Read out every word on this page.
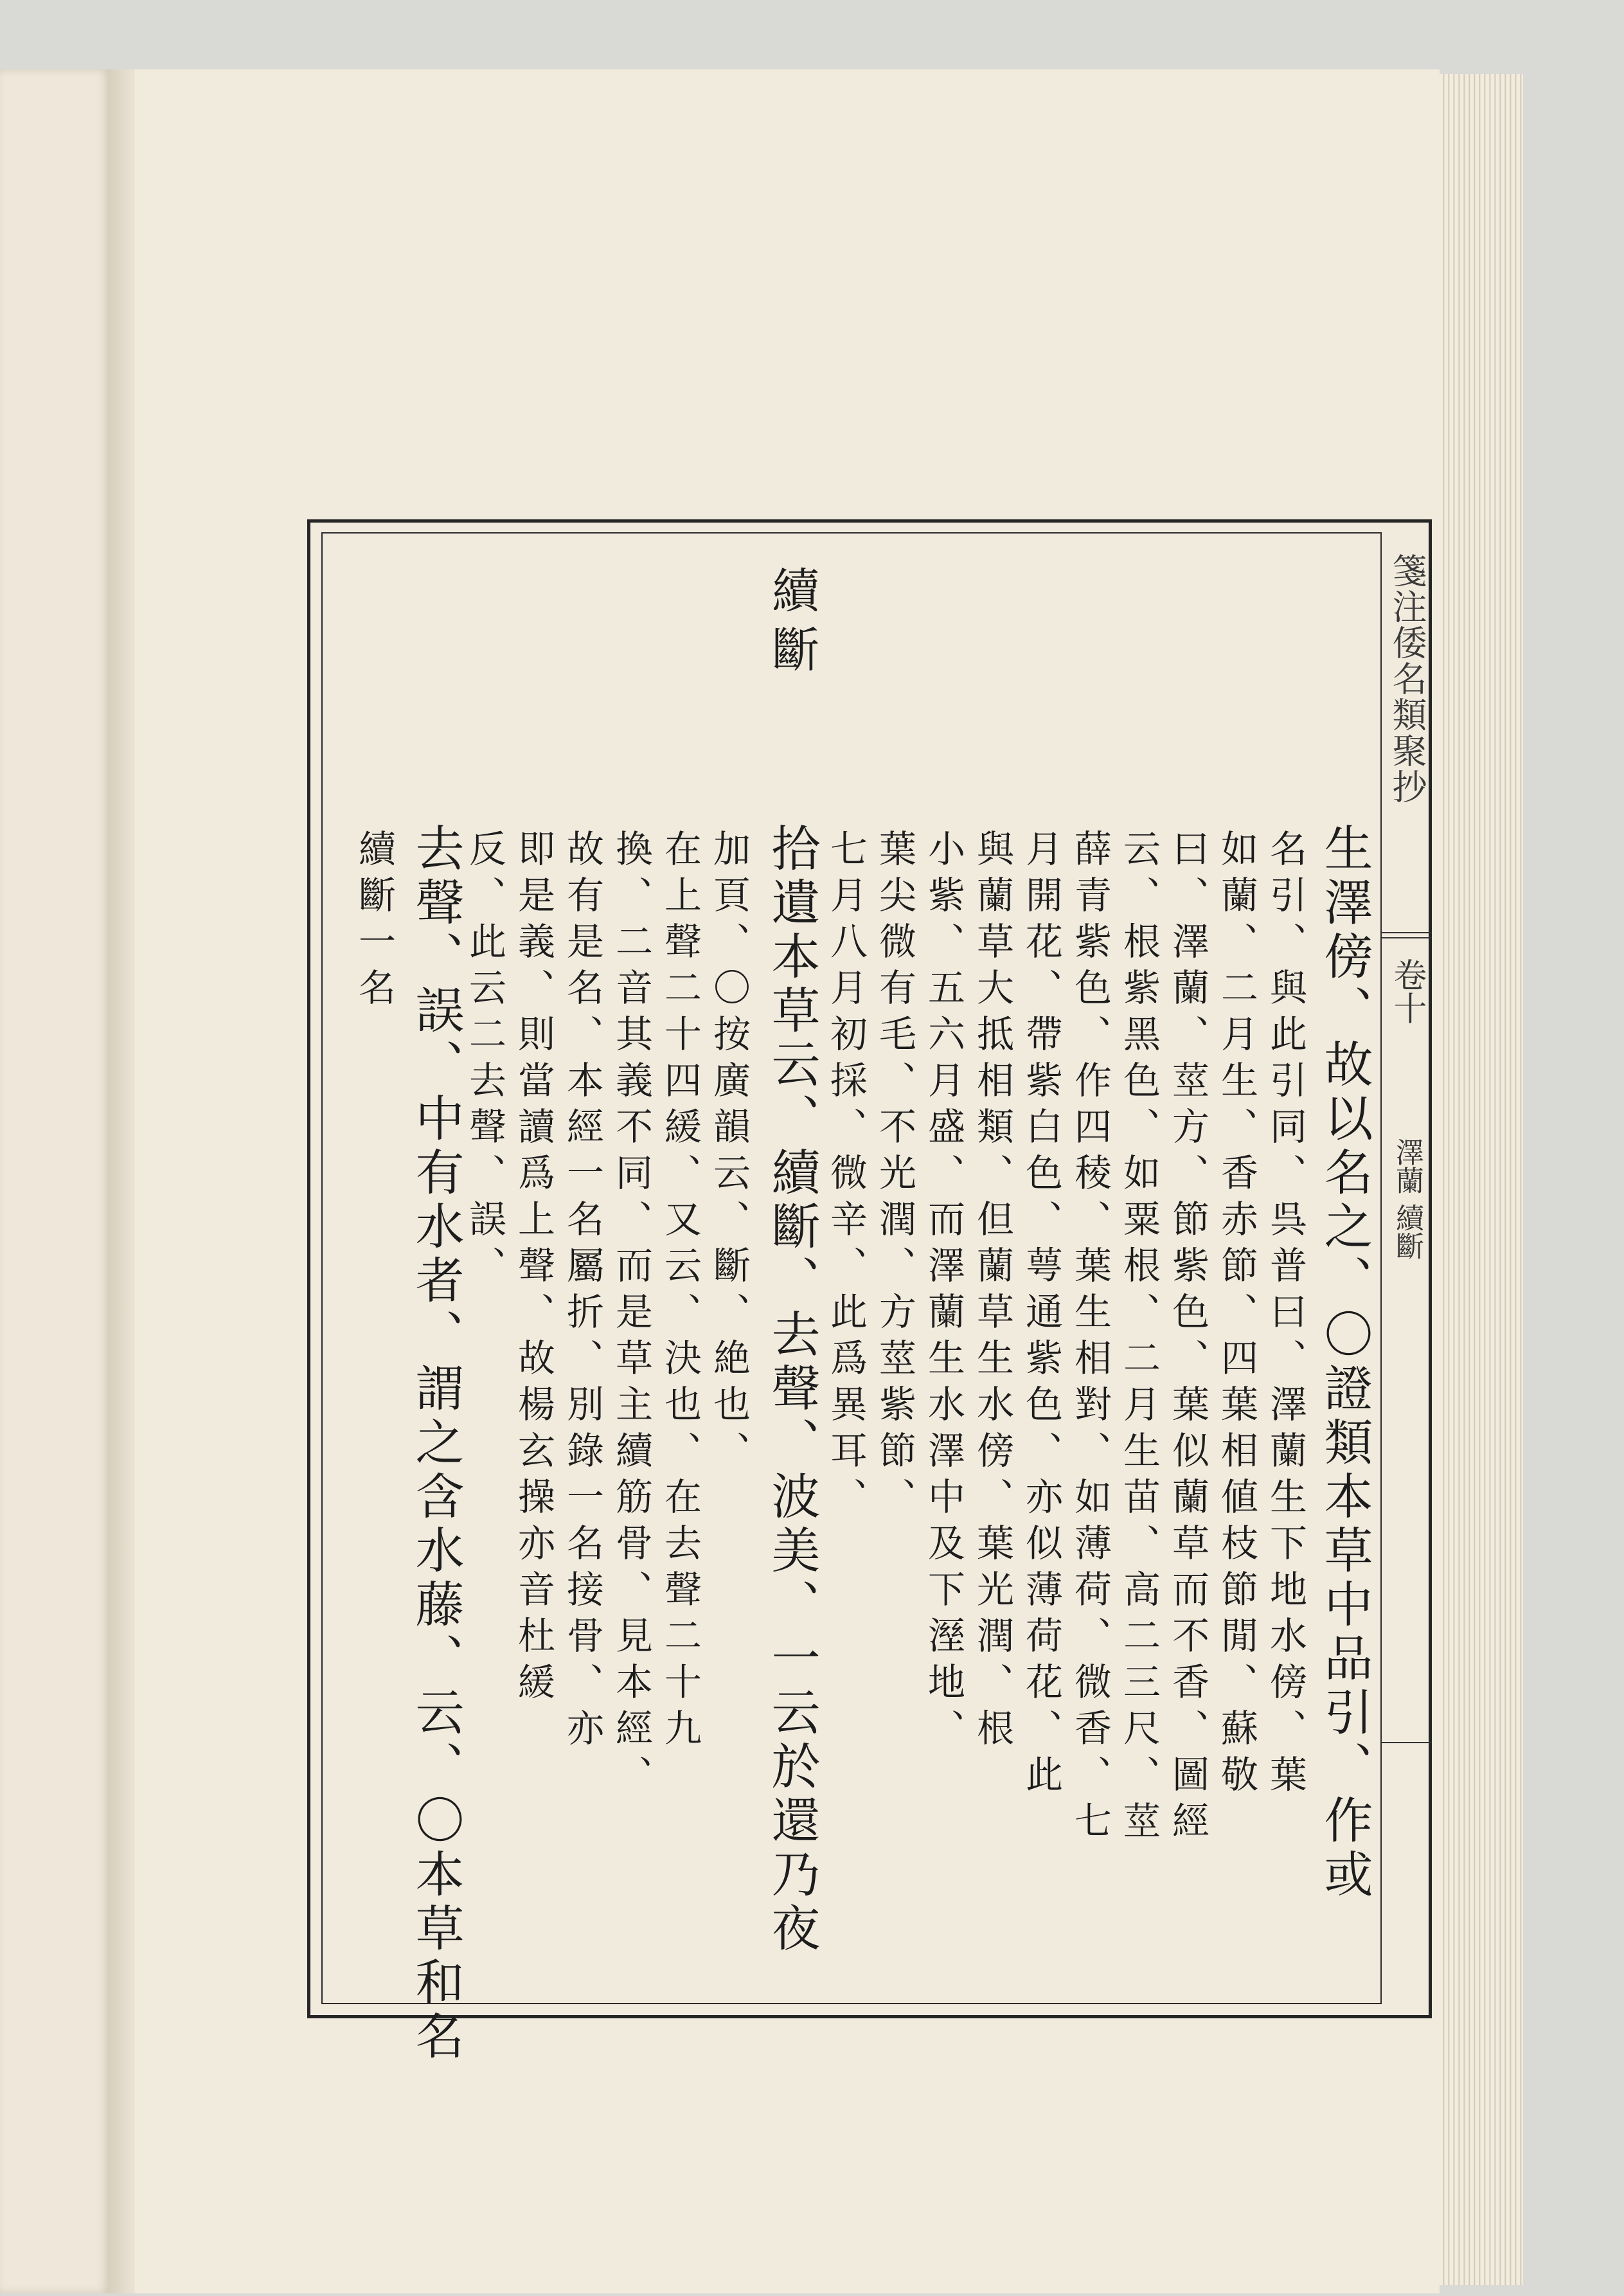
箋注倭名類聚抄
卷十
澤蘭 續斷
生澤傍、故以名之、〇證類本草中品引、作或
名引、與此引同、呉普曰、澤蘭生下地水傍、葉
如蘭、二月生、香赤節、四葉相値枝節閒、蘇敬
曰、澤蘭、莖方、節紫色、葉似蘭草而不香、圖經
云、根紫黑色、如粟根、二月生苗、高二三尺、莖
薛青紫色、作四稜、葉生相對、如薄荷、微香、七
月開花、帶紫白色、萼通紫色、亦似薄荷花、此
與蘭草大抵相類、但蘭草生水傍、葉光潤、根
小紫、五六月盛、而澤蘭生水澤中及下溼地、
葉尖微有毛、不光潤、方莖紫節、
七月八月初採、微辛、此爲異耳、
續斷
拾遺本草云、續斷、去聲、波美、一云於還乃夜
加頁、〇按廣韻云、斷、絶也、
在上聲二十四緩、又云、決也、在去聲二十九
換、二音其義不同、而是草主續筋骨、見本經、
故有是名、本經一名屬折、別錄一名接骨、亦
即是義、則當讀爲上聲、故楊玄操亦音杜緩
反、此云二去聲、誤、
去聲、誤、中有水者、謂之含水藤、云、〇本草和名
續斷一名
